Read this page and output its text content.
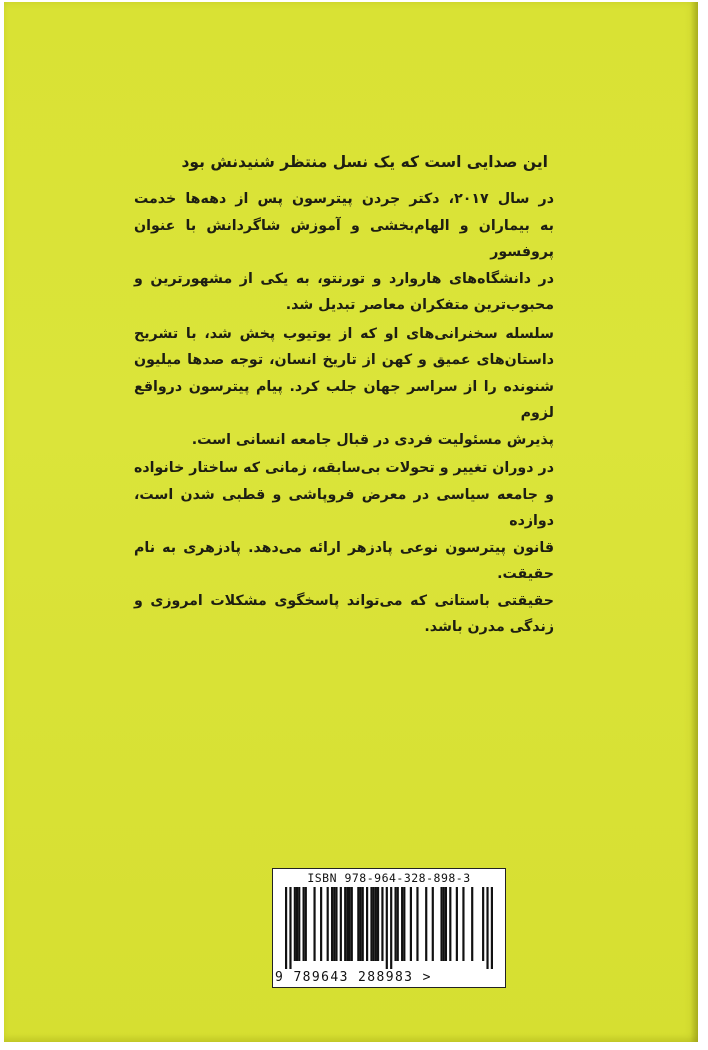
این صدایی است که یک نسل منتظر شنیدنش بود
در سال ۲۰۱۷، دکتر جردن پیترسون پس از دهه‌ها خدمت
به بیماران و الهام‌بخشی و آموزش شاگردانش با عنوان پروفسور
در دانشگاه‌های هاروارد و تورنتو، به یکی از مشهورترین و
محبوب‌ترین متفکران معاصر تبدیل شد.
سلسله سخنرانی‌های او که از یوتیوب پخش شد، با تشریح
داستان‌های عمیق و کهن از تاریخ انسان، توجه صدها میلیون
شنونده را از سراسر جهان جلب کرد. پیام پیترسون درواقع لزوم
پذیرش مسئولیت فردی در قبال جامعه انسانی است.
در دوران تغییر و تحولات بی‌سابقه، زمانی که ساختار خانواده
و جامعه سیاسی در معرض فروپاشی و قطبی شدن است، دوازده
قانون پیترسون نوعی پادزهر ارائه می‌دهد. پادزهری به نام حقیقت.
حقیقتی باستانی که می‌تواند پاسخگوی مشکلات امروزی و
زندگی مدرن باشد.
ISBN 978-964-328-898-3
9 789643 288983 >
